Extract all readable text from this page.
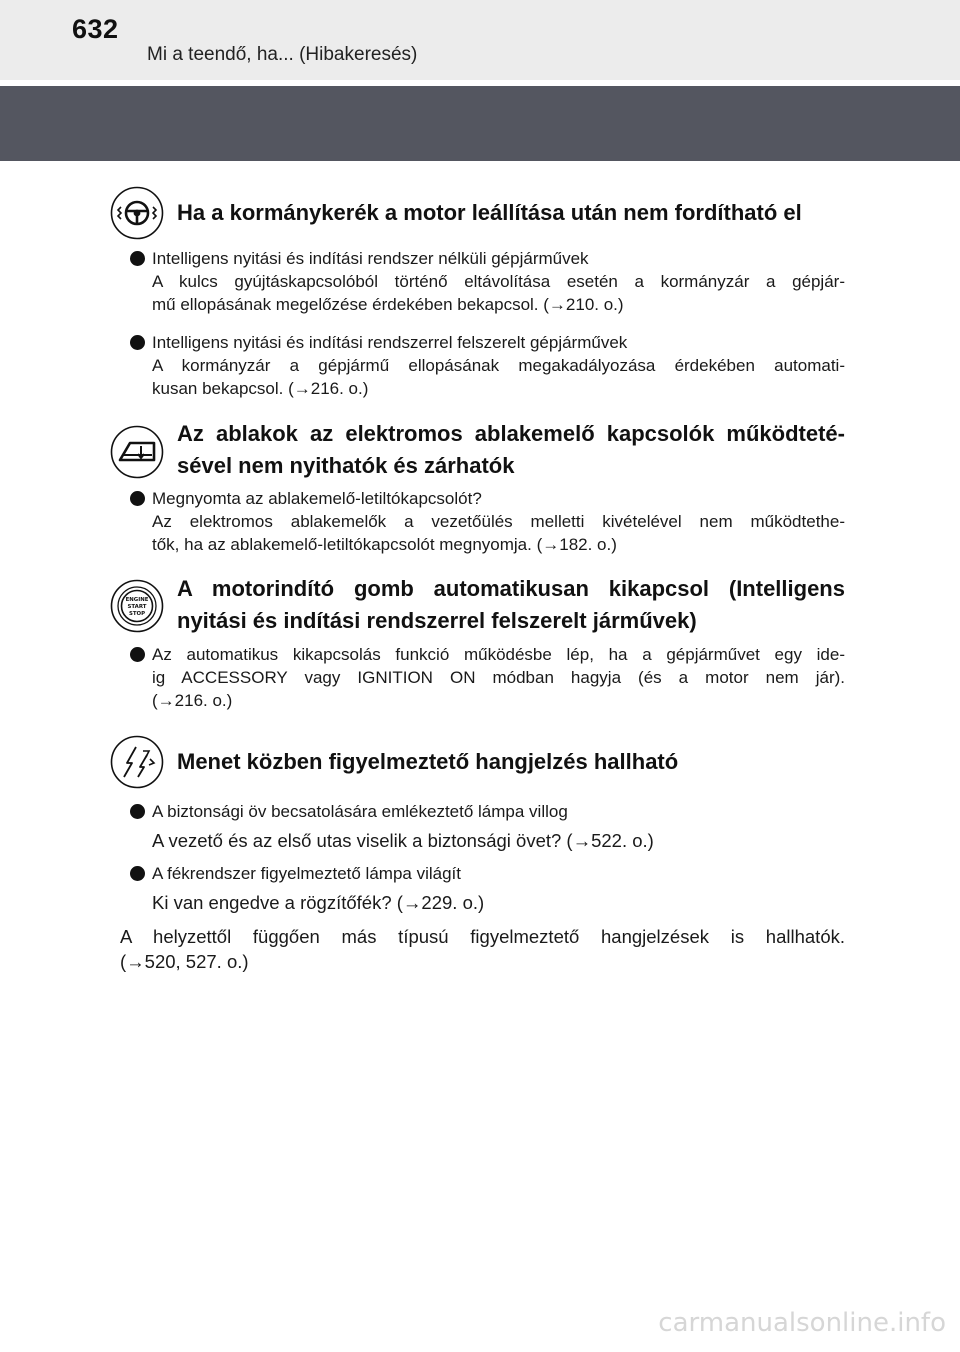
632
Mi a teendő, ha... (Hibakeresés)
Ha a kormánykerék a motor leállítása után nem fordítható el
Intelligens nyitási és indítási rendszer nélküli gépjárművek
A kulcs gyújtáskapcsolóból történő eltávolítása esetén a kormányzár a gépjár-
mű ellopásának megelőzése érdekében bekapcsol. (→210. o.)
Intelligens nyitási és indítási rendszerrel felszerelt gépjárművek
A kormányzár a gépjármű ellopásának megakadályozása érdekében automati-
kusan bekapcsol. (→216. o.)
Az ablakok az elektromos ablakemelő kapcsolók működteté-
sével nem nyithatók és zárhatók
Megnyomta az ablakemelő-letiltókapcsolót?
Az elektromos ablakemelők a vezetőülés melletti kivételével nem működtethe-
tők, ha az ablakemelő-letiltókapcsolót megnyomja. (→182. o.)
ENGINE
START
STOP
A motorindító gomb automatikusan kikapcsol (Intelligens
nyitási és indítási rendszerrel felszerelt járművek)
Az automatikus kikapcsolás funkció működésbe lép, ha a gépjárművet egy ide-
ig ACCESSORY vagy IGNITION ON módban hagyja (és a motor nem jár).
(→216. o.)
Menet közben figyelmeztető hangjelzés hallható
A biztonsági öv becsatolására emlékeztető lámpa villog
A vezető és az első utas viselik a biztonsági övet? (→522. o.)
A fékrendszer figyelmeztető lámpa világít
Ki van engedve a rögzítőfék? (→229. o.)
A helyzettől függően más típusú figyelmeztető hangjelzések is hallhatók.
(→520, 527. o.)
carmanualsonline.info
